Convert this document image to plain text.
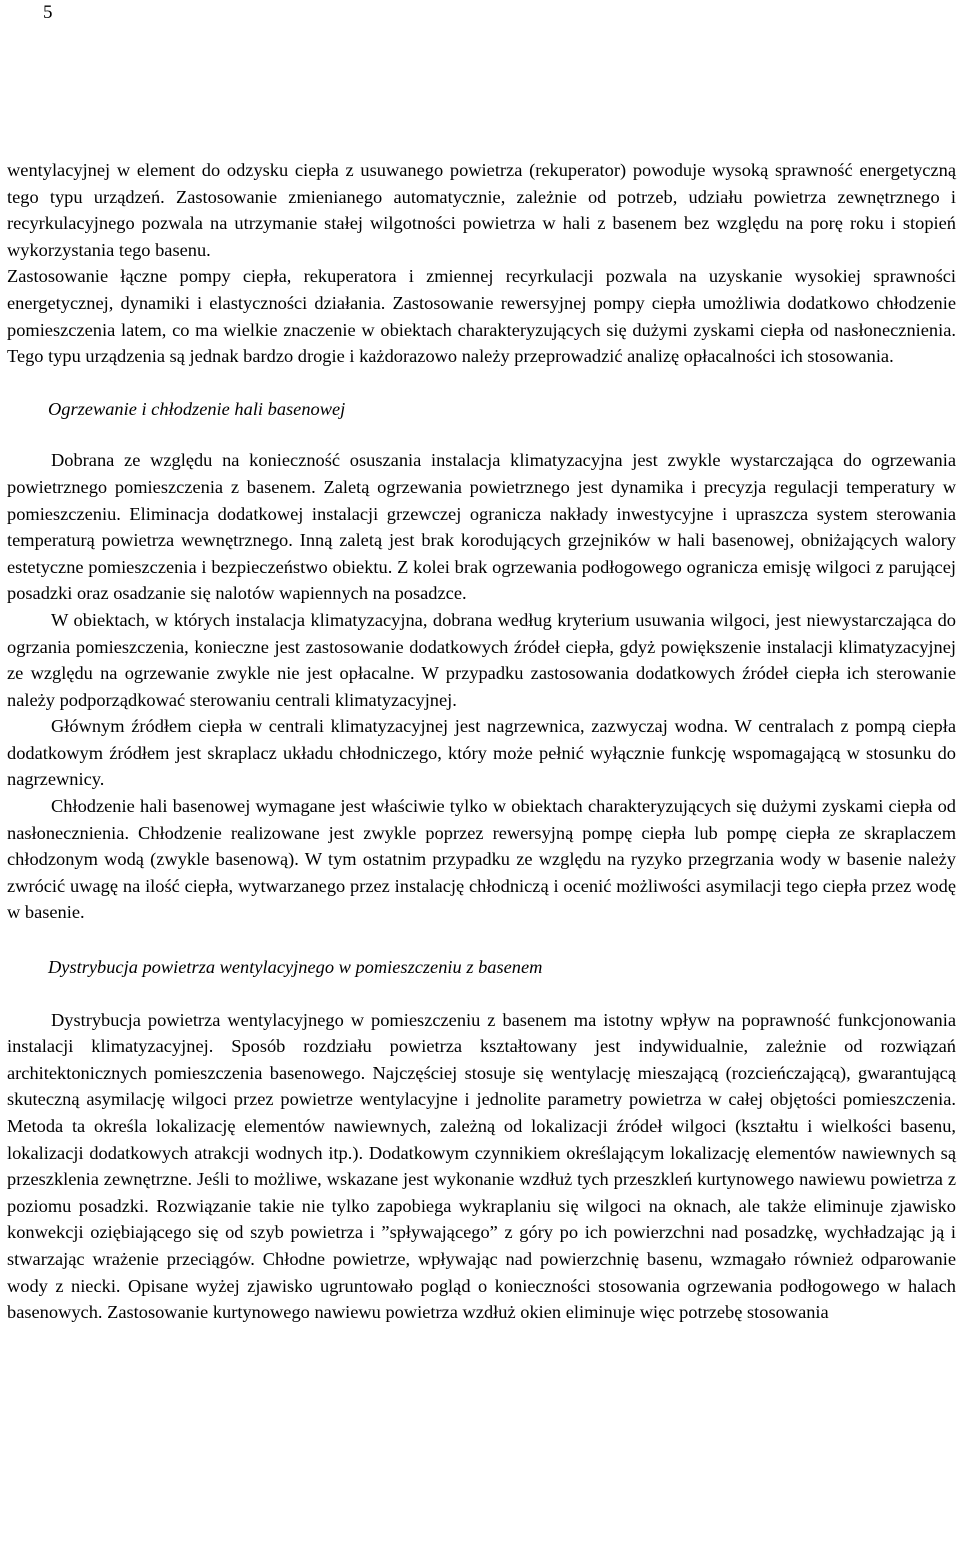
5

wentylacyjnej w element do odzysku ciepła z usuwanego powietrza (rekuperator) powoduje wysoką sprawność energetyczną tego typu urządzeń. Zastosowanie zmienianego automatycznie, zależnie od potrzeb, udziału powietrza zewnętrznego i recyrkulacyjnego pozwala na utrzymanie stałej wilgotności powietrza w hali z basenem bez względu na porę roku i stopień wykorzystania tego basenu.

Zastosowanie łączne pompy ciepła, rekuperatora i zmiennej recyrkulacji pozwala na uzyskanie wysokiej sprawności energetycznej, dynamiki i elastyczności działania. Zastosowanie rewersyjnej pompy ciepła umożliwia dodatkowo chłodzenie pomieszczenia latem, co ma wielkie znaczenie w obiektach charakteryzujących się dużymi zyskami ciepła od nasłonecznienia. Tego typu urządzenia są jednak bardzo drogie i każdorazowo należy przeprowadzić analizę opłacalności ich stosowania.

Ogrzewanie i chłodzenie hali basenowej

Dobrana ze względu na konieczność osuszania instalacja klimatyzacyjna jest zwykle wystarczająca do ogrzewania powietrznego pomieszczenia z basenem. Zaletą ogrzewania powietrznego jest dynamika i precyzja regulacji temperatury w pomieszczeniu. Eliminacja dodatkowej instalacji grzewczej ogranicza nakłady inwestycyjne i upraszcza system sterowania temperaturą powietrza wewnętrznego. Inną zaletą jest brak korodujących grzejników w hali basenowej, obniżających walory estetyczne pomieszczenia i bezpieczeństwo obiektu. Z kolei brak ogrzewania podłogowego ogranicza emisję wilgoci z parującej posadzki oraz osadzanie się nalotów wapiennych na posadzce.

W obiektach, w których instalacja klimatyzacyjna, dobrana według kryterium usuwania wilgoci, jest niewystarczająca do ogrzania pomieszczenia, konieczne jest zastosowanie dodatkowych źródeł ciepła, gdyż powiększenie instalacji klimatyzacyjnej ze względu na ogrzewanie zwykle nie jest opłacalne. W przypadku zastosowania dodatkowych źródeł ciepła ich sterowanie należy podporządkować sterowaniu centrali klimatyzacyjnej.

Głównym źródłem ciepła w centrali klimatyzacyjnej jest nagrzewnica, zazwyczaj wodna. W centralach z pompą ciepła dodatkowym źródłem jest skraplacz układu chłodniczego, który może pełnić wyłącznie funkcję wspomagającą w stosunku do nagrzewnicy.

Chłodzenie hali basenowej wymagane jest właściwie tylko w obiektach charakteryzujących się dużymi zyskami ciepła od nasłonecznienia. Chłodzenie realizowane jest zwykle poprzez rewersyjną pompę ciepła lub pompę ciepła ze skraplaczem chłodzonym wodą (zwykle basenową). W tym ostatnim przypadku ze względu na ryzyko przegrzania wody w basenie należy zwrócić uwagę na ilość ciepła, wytwarzanego przez instalację chłodniczą i ocenić możliwości asymilacji tego ciepła przez wodę w basenie.

Dystrybucja powietrza wentylacyjnego w pomieszczeniu z basenem

Dystrybucja powietrza wentylacyjnego w pomieszczeniu z basenem ma istotny wpływ na poprawność funkcjonowania instalacji klimatyzacyjnej. Sposób rozdziału powietrza kształtowany jest indywidualnie, zależnie od rozwiązań architektonicznych pomieszczenia basenowego. Najczęściej stosuje się wentylację mieszającą (rozcieńczającą), gwarantującą skuteczną asymilację wilgoci przez powietrze wentylacyjne i jednolite parametry powietrza w całej objętości pomieszczenia. Metoda ta określa lokalizację elementów nawiewnych, zależną od lokalizacji źródeł wilgoci (kształtu i wielkości basenu, lokalizacji dodatkowych atrakcji wodnych itp.). Dodatkowym czynnikiem określającym lokalizację elementów nawiewnych są przeszklenia zewnętrzne. Jeśli to możliwe, wskazane jest wykonanie wzdłuż tych przeszkleń kurtynowego nawiewu powietrza z poziomu posadzki. Rozwiązanie takie nie tylko zapobiega wykraplaniu się wilgoci na oknach, ale także eliminuje zjawisko konwekcji oziębiającego się od szyb powietrza i ”spływającego” z góry po ich powierzchni nad posadzkę, wychładzając ją i stwarzając wrażenie przeciągów. Chłodne powietrze, wpływając nad powierzchnię basenu, wzmagało również odparowanie wody z niecki. Opisane wyżej zjawisko ugruntowało pogląd o konieczności stosowania ogrzewania podłogowego w halach basenowych. Zastosowanie kurtynowego nawiewu powietrza wzdłuż okien eliminuje więc potrzebę stosowania
